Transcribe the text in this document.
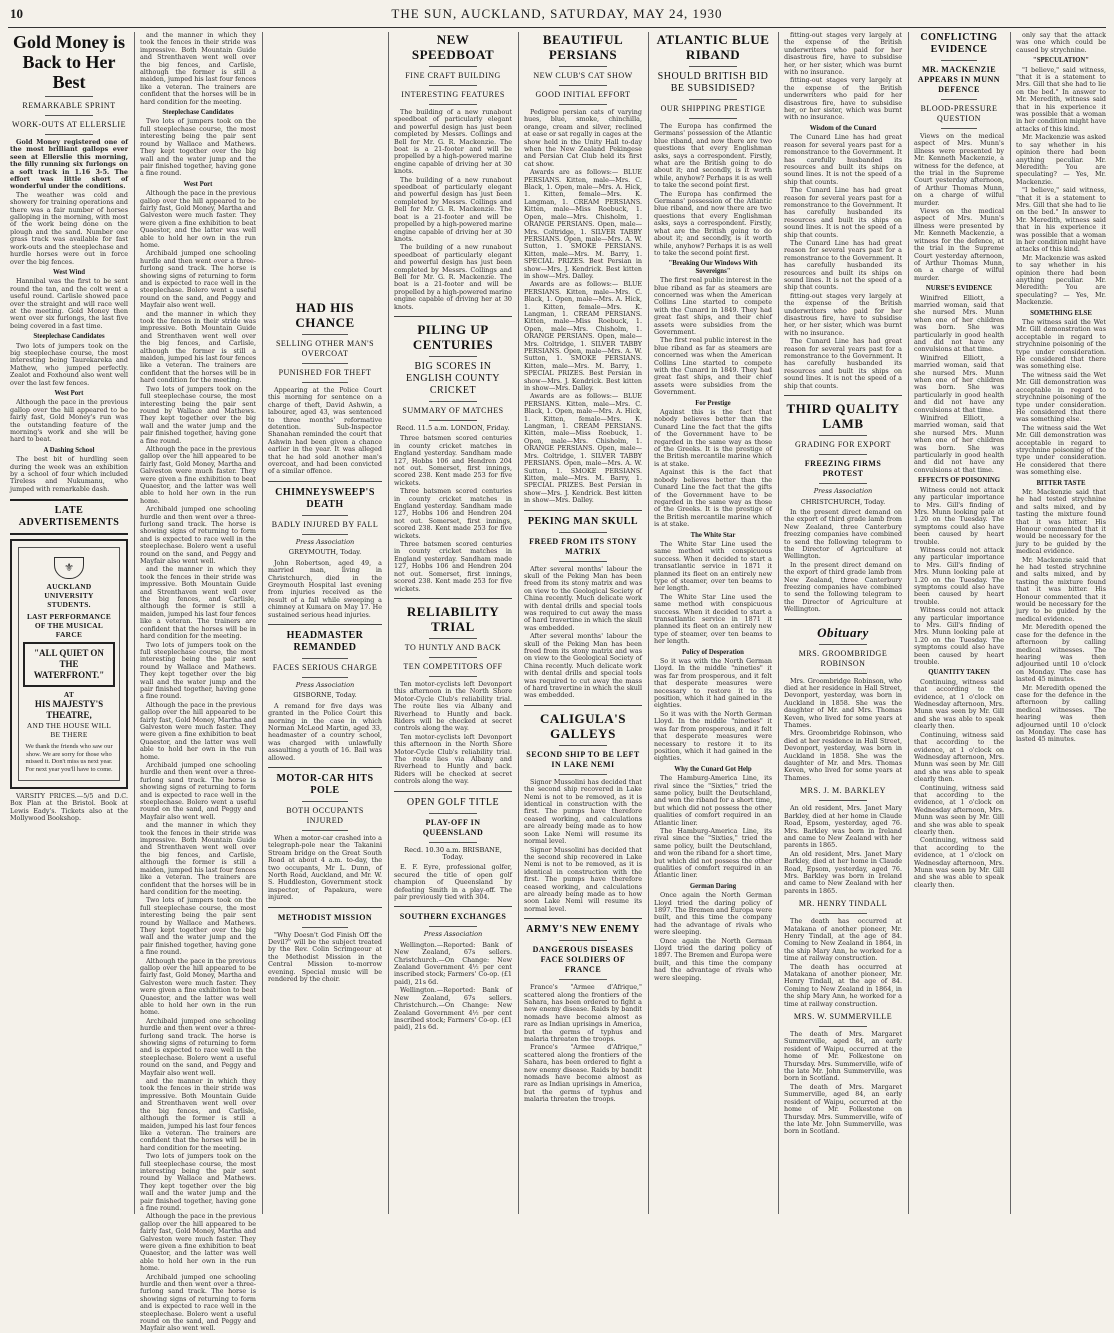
10	THE SUN, AUCKLAND, SATURDAY, MAY 24, 1930
Gold Money is Back to Her Best
REMARKABLE SPRINT
WORK-OUTS AT ELLERSLIE
Gold Money registered one of the most brilliant gallops ever seen at Ellerslie this morning, the filly running six furlongs on a soft track in 1.16 3-5. The effort was little short of wonderful under the conditions.
The weather was cold and showery for training operations and there was a fair number of horses galloping in the morning, with most of the work being done on the plough and the sand. Number one grass track was available for fast work-outs and the steeplechase and hurdle horses were out in force over the big fences.
West Wind
Hannibal was the first to be sent round the tan, and the colt went a useful round. Carlisle showed pace over the straight and will race well at the meeting. Gold Money then went over six furlongs, the last five being covered in a fast time.
Steeplechase Candidates
Two lots of jumpers took on the big steeplechase course, the most interesting being Taurekareka and Mathew, who jumped perfectly. Zealot and Foxhound also went well over the last few fences.
West Port
Although the pace in the previous gallop over the hill appeared to be fairly fast, Gold Money's run was the outstanding feature of the morning's work and she will be hard to beat.
A Dashing School
The best bit of hurdling seen during the week was an exhibition by a school of four which included Tireless and Nukumanu, who jumped with remarkable dash.
LATE ADVERTISEMENTS
⚜
AUCKLAND UNIVERSITY
STUDENTS.
LAST PERFORMANCE
OF THE MUSICAL FARCE
"ALL QUIET ON THE WATERFRONT."
AT
HIS MAJESTY'S THEATRE,
AND THE HOUSE WILL BE THERE
We thank the friends who saw our show. We are sorry for those who missed it. Don't miss us next year. For next year you'll have to come.
VARSITY PRICES.—5/5 and D.C. Box Plan at the Bristol. Book at Lewis Eady's. Tickets also at the Mollywood Bookshop.
and the manner in which they took the fences in their stride was impressive. Both Mountain Guide and Strenthaven went well over the big fences, and Carlisle, although the former is still a maiden, jumped his last four fences like a veteran. The trainers are confident that the horses will be in hard condition for the meeting.
Steeplechase Candidates
Two lots of jumpers took on the full steeplechase course, the most interesting being the pair sent round by Wallace and Mathews. They kept together over the big wall and the water jump and the pair finished together, having gone a fine round.
West Port
Although the pace in the previous gallop over the hill appeared to be fairly fast, Gold Money, Martha and Galveston were much faster. They were given a fine exhibition to beat Quaestor, and the latter was well able to hold her own in the run home.
Archibald jumped one schooling hurdle and then went over a three-furlong sand track. The horse is showing signs of returning to form and is expected to race well in the steeplechase. Bolero went a useful round on the sand, and Peggy and Mayfair also went well.
and the manner in which they took the fences in their stride was impressive. Both Mountain Guide and Strenthaven went well over the big fences, and Carlisle, although the former is still a maiden, jumped his last four fences like a veteran. The trainers are confident that the horses will be in hard condition for the meeting.
Two lots of jumpers took on the full steeplechase course, the most interesting being the pair sent round by Wallace and Mathews. They kept together over the big wall and the water jump and the pair finished together, having gone a fine round.
Although the pace in the previous gallop over the hill appeared to be fairly fast, Gold Money, Martha and Galveston were much faster. They were given a fine exhibition to beat Quaestor, and the latter was well able to hold her own in the run home.
Archibald jumped one schooling hurdle and then went over a three-furlong sand track. The horse is showing signs of returning to form and is expected to race well in the steeplechase. Bolero went a useful round on the sand, and Peggy and Mayfair also went well.
and the manner in which they took the fences in their stride was impressive. Both Mountain Guide and Strenthaven went well over the big fences, and Carlisle, although the former is still a maiden, jumped his last four fences like a veteran. The trainers are confident that the horses will be in hard condition for the meeting.
Two lots of jumpers took on the full steeplechase course, the most interesting being the pair sent round by Wallace and Mathews. They kept together over the big wall and the water jump and the pair finished together, having gone a fine round.
Although the pace in the previous gallop over the hill appeared to be fairly fast, Gold Money, Martha and Galveston were much faster. They were given a fine exhibition to beat Quaestor, and the latter was well able to hold her own in the run home.
Archibald jumped one schooling hurdle and then went over a three-furlong sand track. The horse is showing signs of returning to form and is expected to race well in the steeplechase. Bolero went a useful round on the sand, and Peggy and Mayfair also went well.
and the manner in which they took the fences in their stride was impressive. Both Mountain Guide and Strenthaven went well over the big fences, and Carlisle, although the former is still a maiden, jumped his last four fences like a veteran. The trainers are confident that the horses will be in hard condition for the meeting.
Two lots of jumpers took on the full steeplechase course, the most interesting being the pair sent round by Wallace and Mathews. They kept together over the big wall and the water jump and the pair finished together, having gone a fine round.
Although the pace in the previous gallop over the hill appeared to be fairly fast, Gold Money, Martha and Galveston were much faster. They were given a fine exhibition to beat Quaestor, and the latter was well able to hold her own in the run home.
Archibald jumped one schooling hurdle and then went over a three-furlong sand track. The horse is showing signs of returning to form and is expected to race well in the steeplechase. Bolero went a useful round on the sand, and Peggy and Mayfair also went well.
and the manner in which they took the fences in their stride was impressive. Both Mountain Guide and Strenthaven went well over the big fences, and Carlisle, although the former is still a maiden, jumped his last four fences like a veteran. The trainers are confident that the horses will be in hard condition for the meeting.
Two lots of jumpers took on the full steeplechase course, the most interesting being the pair sent round by Wallace and Mathews. They kept together over the big wall and the water jump and the pair finished together, having gone a fine round.
Although the pace in the previous gallop over the hill appeared to be fairly fast, Gold Money, Martha and Galveston were much faster. They were given a fine exhibition to beat Quaestor, and the latter was well able to hold her own in the run home.
Archibald jumped one schooling hurdle and then went over a three-furlong sand track. The horse is showing signs of returning to form and is expected to race well in the steeplechase. Bolero went a useful round on the sand, and Peggy and Mayfair also went well.
HAD HIS CHANCE
SELLING OTHER MAN'S OVERCOAT
PUNISHED FOR THEFT
Appearing at the Police Court this morning for sentence on a charge of theft, David Ashwin, a labourer, aged 43, was sentenced to three months' reformative detention. Sub-Inspector Shanahan reminded the court that Ashwin had been given a chance earlier in the year. It was alleged that he had sold another man's overcoat, and had been convicted of a similar offence.
CHIMNEYSWEEP'S DEATH
BADLY INJURED BY FALL
Press Association
GREYMOUTH, Today.
John Robertson, aged 49, a married man, living in Christchurch, died in the Greymouth Hospital last evening from injuries received as the result of a fall while sweeping a chimney at Kumara on May 17. He sustained serious head injuries.
HEADMASTER REMANDED
FACES SERIOUS CHARGE
Press Association
GISBORNE, Today.
A remand for five days was granted in the Police Court this morning in the case in which Norman McLeod Martin, aged 33, headmaster of a country school, was charged with unlawfully assaulting a youth of 16. Bail was allowed.
MOTOR-CAR HITS POLE
BOTH OCCUPANTS INJURED
When a motor-car crashed into a telegraph-pole near the Takanini Stream bridge on the Great South Road at about 4 a.m. to-day, the two occupants, Mr L. Dunn, of North Road, Auckland, and Mr. W. S. Huddleston, Government stock inspector, of Papakura, were injured.
METHODIST MISSION
"Why Doesn't God Finish Off the Devil?" will be the subject treated by the Rev. Colin Scrimgeour at the Methodist Mission in the Central Mission to-morrow evening. Special music will be rendered by the choir.
NEW SPEEDBOAT
FINE CRAFT BUILDING
INTERESTING FEATURES
The building of a new runabout speedboat of particularly elegant and powerful design has just been completed by Messrs. Collings and Bell for Mr. G. R. Mackenzie. The boat is a 21-footer and will be propelled by a high-powered marine engine capable of driving her at 30 knots.
The building of a new runabout speedboat of particularly elegant and powerful design has just been completed by Messrs. Collings and Bell for Mr. G. R. Mackenzie. The boat is a 21-footer and will be propelled by a high-powered marine engine capable of driving her at 30 knots.
The building of a new runabout speedboat of particularly elegant and powerful design has just been completed by Messrs. Collings and Bell for Mr. G. R. Mackenzie. The boat is a 21-footer and will be propelled by a high-powered marine engine capable of driving her at 30 knots.
PILING UP CENTURIES
BIG SCORES IN ENGLISH COUNTY CRICKET
SUMMARY OF MATCHES
Recd. 11.5 a.m. LONDON, Friday.
Three batsmen scored centuries in county cricket matches in England yesterday. Sandham made 127, Hobbs 106 and Hendren 204 not out. Somerset, first innings, scored 238. Kent made 253 for five wickets.
Three batsmen scored centuries in county cricket matches in England yesterday. Sandham made 127, Hobbs 106 and Hendren 204 not out. Somerset, first innings, scored 238. Kent made 253 for five wickets.
Three batsmen scored centuries in county cricket matches in England yesterday. Sandham made 127, Hobbs 106 and Hendren 204 not out. Somerset, first innings, scored 238. Kent made 253 for five wickets.
RELIABILITY TRIAL
TO HUNTLY AND BACK
TEN COMPETITORS OFF
Ten motor-cyclists left Devonport this afternoon in the North Shore Motor-Cycle Club's reliability trial. The route lies via Albany and Riverhead to Huntly and back. Riders will be checked at secret controls along the way.
Ten motor-cyclists left Devonport this afternoon in the North Shore Motor-Cycle Club's reliability trial. The route lies via Albany and Riverhead to Huntly and back. Riders will be checked at secret controls along the way.
OPEN GOLF TITLE
PLAY-OFF IN QUEENSLAND
Recd. 10.30 a.m. BRISBANE, Today.
E. F. Eyre, professional golfer, secured the title of open golf champion of Queensland by defeating Smith in a play-off. The pair previously tied with 304.
SOUTHERN EXCHANGES
Press Association
Wellington.—Reported: Bank of New Zealand, 67s sellers. Christchurch.—On Change: New Zealand Government 4½ per cent inscribed stock; Farmers' Co-op. (£1 paid), 21s 6d.
Wellington.—Reported: Bank of New Zealand, 67s sellers. Christchurch.—On Change: New Zealand Government 4½ per cent inscribed stock; Farmers' Co-op. (£1 paid), 21s 6d.
BEAUTIFUL PERSIANS
NEW CLUB'S CAT SHOW
GOOD INITIAL EFFORT
Pedigree persian cats of varying hues, blue, smoke, chinchilla, orange, cream and silver, reclined at ease or sat regally in cages at the show held in the Unity Hall to-day when the New Zealand Pekingese and Persian Cat Club held its first cat show.
Awards are as follows:— BLUE PERSIANS. Kitten, male—Mrs. C. Black, 1. Open, male—Mrs. A. Hick, 1. Kitten, female—Mrs. K. Langman, 1. CREAM PERSIANS. Kitten, male—Miss Roebuck, 1. Open, male—Mrs. Chisholm, 1. ORANGE PERSIANS. Open, male—Mrs. Coltridge, 1. SILVER TABBY PERSIANS. Open, male—Mrs. A. W. Sutton, 1. SMOKE PERSIANS. Kitten, male—Mrs. M. Barry, 1. SPECIAL PRIZES. Best Persian in show—Mrs. J. Kendrick. Best kitten in show—Mrs. Dalley.
Awards are as follows:— BLUE PERSIANS. Kitten, male—Mrs. C. Black, 1. Open, male—Mrs. A. Hick, 1. Kitten, female—Mrs. K. Langman, 1. CREAM PERSIANS. Kitten, male—Miss Roebuck, 1. Open, male—Mrs. Chisholm, 1. ORANGE PERSIANS. Open, male—Mrs. Coltridge, 1. SILVER TABBY PERSIANS. Open, male—Mrs. A. W. Sutton, 1. SMOKE PERSIANS. Kitten, male—Mrs. M. Barry, 1. SPECIAL PRIZES. Best Persian in show—Mrs. J. Kendrick. Best kitten in show—Mrs. Dalley.
Awards are as follows:— BLUE PERSIANS. Kitten, male—Mrs. C. Black, 1. Open, male—Mrs. A. Hick, 1. Kitten, female—Mrs. K. Langman, 1. CREAM PERSIANS. Kitten, male—Miss Roebuck, 1. Open, male—Mrs. Chisholm, 1. ORANGE PERSIANS. Open, male—Mrs. Coltridge, 1. SILVER TABBY PERSIANS. Open, male—Mrs. A. W. Sutton, 1. SMOKE PERSIANS. Kitten, male—Mrs. M. Barry, 1. SPECIAL PRIZES. Best Persian in show—Mrs. J. Kendrick. Best kitten in show—Mrs. Dalley.
PEKING MAN SKULL
FREED FROM ITS STONY MATRIX
After several months' labour the skull of the Peking Man has been freed from its stony matrix and was on view to the Geological Society of China recently. Much delicate work with dental drills and special tools was required to cut away the mass of hard travertine in which the skull was embedded.
After several months' labour the skull of the Peking Man has been freed from its stony matrix and was on view to the Geological Society of China recently. Much delicate work with dental drills and special tools was required to cut away the mass of hard travertine in which the skull was embedded.
CALIGULA'S GALLEYS
SECOND SHIP TO BE LEFT IN LAKE NEMI
Signor Mussolini has decided that the second ship recovered in Lake Nemi is not to be removed, as it is identical in construction with the first. The pumps have therefore ceased working, and calculations are already being made as to how soon Lake Nemi will resume its normal level.
Signor Mussolini has decided that the second ship recovered in Lake Nemi is not to be removed, as it is identical in construction with the first. The pumps have therefore ceased working, and calculations are already being made as to how soon Lake Nemi will resume its normal level.
ARMY'S NEW ENEMY
DANGEROUS DISEASES FACE SOLDIERS OF FRANCE
France's "Armee d'Afrique," scattered along the frontiers of the Sahara, has been ordered to fight a new enemy disease. Raids by bandit nomads have become almost as rare as Indian uprisings in America, but the germs of typhus and malaria threaten the troops.
France's "Armee d'Afrique," scattered along the frontiers of the Sahara, has been ordered to fight a new enemy disease. Raids by bandit nomads have become almost as rare as Indian uprisings in America, but the germs of typhus and malaria threaten the troops.
ATLANTIC BLUE RIBAND
SHOULD BRITISH BID BE SUBSIDISED?
OUR SHIPPING PRESTIGE
The Europa has confirmed the Germans' possession of the Atlantic blue riband, and now there are two questions that every Englishman asks, says a correspondent. Firstly, what are the British going to do about it; and secondly, is it worth while, anyhow? Perhaps it is as well to take the second point first.
The Europa has confirmed the Germans' possession of the Atlantic blue riband, and now there are two questions that every Englishman asks, says a correspondent. Firstly, what are the British going to do about it; and secondly, is it worth while, anyhow? Perhaps it is as well to take the second point first.
"Breaking Our Windows With Sovereigns"
The first real public interest in the blue riband as far as steamers are concerned was when the American Collins Line started to compete with the Cunard in 1849. They had great fast ships, and their chief assets were subsidies from the Government.
The first real public interest in the blue riband as far as steamers are concerned was when the American Collins Line started to compete with the Cunard in 1849. They had great fast ships, and their chief assets were subsidies from the Government.
For Prestige
Against this is the fact that nobody believes better than the Cunard Line the fact that the gifts of the Government have to be regarded in the same way as those of the Greeks. It is the prestige of the British mercantile marine which is at stake.
Against this is the fact that nobody believes better than the Cunard Line the fact that the gifts of the Government have to be regarded in the same way as those of the Greeks. It is the prestige of the British mercantile marine which is at stake.
The White Star
The White Star Line used the same method with conspicuous success. When it decided to start a transatlantic service in 1871 it planned its fleet on an entirely new type of steamer, over ten beams to her length.
The White Star Line used the same method with conspicuous success. When it decided to start a transatlantic service in 1871 it planned its fleet on an entirely new type of steamer, over ten beams to her length.
Policy of Desperation
So it was with the North German Lloyd. In the middle "nineties" it was far from prosperous, and it felt that desperate measures were necessary to restore it to its position, which it had gained in the eighties.
So it was with the North German Lloyd. In the middle "nineties" it was far from prosperous, and it felt that desperate measures were necessary to restore it to its position, which it had gained in the eighties.
Why the Cunard Got Help
The Hamburg-America Line, its rival since the "Sixties," tried the same policy, built the Deutschland, and won the riband for a short time, but which did not possess the other qualities of comfort required in an Atlantic liner.
The Hamburg-America Line, its rival since the "Sixties," tried the same policy, built the Deutschland, and won the riband for a short time, but which did not possess the other qualities of comfort required in an Atlantic liner.
German Daring
Once again the North German Lloyd tried the daring policy of 1897. The Bremen and Europa were built, and this time the company had the advantage of rivals who were sleeping.
Once again the North German Lloyd tried the daring policy of 1897. The Bremen and Europa were built, and this time the company had the advantage of rivals who were sleeping.
fitting-out stages very largely at the expense of the British underwriters who paid for her disastrous fire, have to subsidise her, or her sister, which was burnt with no insurance.
fitting-out stages very largely at the expense of the British underwriters who paid for her disastrous fire, have to subsidise her, or her sister, which was burnt with no insurance.
Wisdom of the Cunard
The Cunard Line has had great reason for several years past for a remonstrance to the Government. It has carefully husbanded its resources and built its ships on sound lines. It is not the speed of a ship that counts.
The Cunard Line has had great reason for several years past for a remonstrance to the Government. It has carefully husbanded its resources and built its ships on sound lines. It is not the speed of a ship that counts.
The Cunard Line has had great reason for several years past for a remonstrance to the Government. It has carefully husbanded its resources and built its ships on sound lines. It is not the speed of a ship that counts.
fitting-out stages very largely at the expense of the British underwriters who paid for her disastrous fire, have to subsidise her, or her sister, which was burnt with no insurance.
The Cunard Line has had great reason for several years past for a remonstrance to the Government. It has carefully husbanded its resources and built its ships on sound lines. It is not the speed of a ship that counts.
THIRD QUALITY LAMB
GRADING FOR EXPORT
FREEZING FIRMS PROTEST
Press Association
CHRISTCHURCH, Today.
In the present direct demand on the export of third grade lamb from New Zealand, three Canterbury freezing companies have combined to send the following telegram to the Director of Agriculture at Wellington.
In the present direct demand on the export of third grade lamb from New Zealand, three Canterbury freezing companies have combined to send the following telegram to the Director of Agriculture at Wellington.
Obituary
MRS. GROOMBRIDGE ROBINSON
Mrs. Groombridge Robinson, who died at her residence in Hall Street, Devonport, yesterday, was born in Auckland in 1858. She was the daughter of Mr. and Mrs. Thomas Keven, who lived for some years at Thames.
Mrs. Groombridge Robinson, who died at her residence in Hall Street, Devonport, yesterday, was born in Auckland in 1858. She was the daughter of Mr. and Mrs. Thomas Keven, who lived for some years at Thames.
MRS. J. M. BARKLEY
An old resident, Mrs. Janet Mary Barkley, died at her home in Claude Road, Epsom, yesterday, aged 76. Mrs. Barkley was born in Ireland and came to New Zealand with her parents in 1865.
An old resident, Mrs. Janet Mary Barkley, died at her home in Claude Road, Epsom, yesterday, aged 76. Mrs. Barkley was born in Ireland and came to New Zealand with her parents in 1865.
MR. HENRY TINDALL
The death has occurred at Matakana of another pioneer, Mr. Henry Tindall, at the age of 84. Coming to New Zealand in 1864, in the ship Mary Ann, he worked for a time at railway construction.
The death has occurred at Matakana of another pioneer, Mr. Henry Tindall, at the age of 84. Coming to New Zealand in 1864, in the ship Mary Ann, he worked for a time at railway construction.
MRS. W. SUMMERVILLE
The death of Mrs. Margaret Summerville, aged 84, an early resident of Waipu, occurred at the home of Mr. Folkestone on Thursday. Mrs. Summerville, wife of the late Mr. John Summerville, was born in Scotland.
The death of Mrs. Margaret Summerville, aged 84, an early resident of Waipu, occurred at the home of Mr. Folkestone on Thursday. Mrs. Summerville, wife of the late Mr. John Summerville, was born in Scotland.
CONFLICTING EVIDENCE
MR. MACKENZIE APPEARS IN MUNN DEFENCE
BLOOD-PRESSURE QUESTION
Views on the medical aspect of Mrs. Munn's illness were presented by Mr. Kenneth Mackenzie, a witness for the defence, at the trial in the Supreme Court yesterday afternoon, of Arthur Thomas Munn, on a charge of wilful murder.
Views on the medical aspect of Mrs. Munn's illness were presented by Mr. Kenneth Mackenzie, a witness for the defence, at the trial in the Supreme Court yesterday afternoon, of Arthur Thomas Munn, on a charge of wilful murder.
NURSE'S EVIDENCE
Winifred Elliott, a married woman, said that she nursed Mrs. Munn when one of her children was born. She was particularly in good health and did not have any convulsions at that time.
Winifred Elliott, a married woman, said that she nursed Mrs. Munn when one of her children was born. She was particularly in good health and did not have any convulsions at that time.
Winifred Elliott, a married woman, said that she nursed Mrs. Munn when one of her children was born. She was particularly in good health and did not have any convulsions at that time.
EFFECTS OF POISONING
Witness could not attack any particular importance to Mrs. Gill's finding of Mrs. Munn looking pale at 1.20 on the Tuesday. The symptoms could also have been caused by heart trouble.
Witness could not attack any particular importance to Mrs. Gill's finding of Mrs. Munn looking pale at 1.20 on the Tuesday. The symptoms could also have been caused by heart trouble.
Witness could not attack any particular importance to Mrs. Gill's finding of Mrs. Munn looking pale at 1.20 on the Tuesday. The symptoms could also have been caused by heart trouble.
QUANTITY TAKEN
Continuing, witness said that according to the evidence, at 1 o'clock on Wednesday afternoon, Mrs. Munn was seen by Mr. Gill and she was able to speak clearly then.
Continuing, witness said that according to the evidence, at 1 o'clock on Wednesday afternoon, Mrs. Munn was seen by Mr. Gill and she was able to speak clearly then.
Continuing, witness said that according to the evidence, at 1 o'clock on Wednesday afternoon, Mrs. Munn was seen by Mr. Gill and she was able to speak clearly then.
Continuing, witness said that according to the evidence, at 1 o'clock on Wednesday afternoon, Mrs. Munn was seen by Mr. Gill and she was able to speak clearly then.
only say that the attack was one which could be caused by strychnine.
"SPECULATION"
"I believe," said witness, "that it is a statement to Mrs. Gill that she had to lie on the bed." In answer to Mr. Meredith, witness said that in his experience it was possible that a woman in her condition might have attacks of this kind.
Mr. Mackenzie was asked to say whether in his opinion there had been anything peculiar. Mr. Meredith: You are speculating? — Yes, Mr. Mackenzie.
"I believe," said witness, "that it is a statement to Mrs. Gill that she had to lie on the bed." In answer to Mr. Meredith, witness said that in his experience it was possible that a woman in her condition might have attacks of this kind.
Mr. Mackenzie was asked to say whether in his opinion there had been anything peculiar. Mr. Meredith: You are speculating? — Yes, Mr. Mackenzie.
SOMETHING ELSE
The witness said the Wet Mr. Gill demonstration was acceptable in regard to strychnine poisoning of the type under consideration. He considered that there was something else.
The witness said the Wet Mr. Gill demonstration was acceptable in regard to strychnine poisoning of the type under consideration. He considered that there was something else.
The witness said the Wet Mr. Gill demonstration was acceptable in regard to strychnine poisoning of the type under consideration. He considered that there was something else.
BITTER TASTE
Mr. Mackenzie said that he had tested strychnine and salts mixed, and by tasting the mixture found that it was bitter. His Honour commented that it would be necessary for the jury to be guided by the medical evidence.
Mr. Mackenzie said that he had tested strychnine and salts mixed, and by tasting the mixture found that it was bitter. His Honour commented that it would be necessary for the jury to be guided by the medical evidence.
Mr. Meredith opened the case for the defence in the afternoon by calling medical witnesses. The hearing was then adjourned until 10 o'clock on Monday. The case has lasted 45 minutes.
Mr. Meredith opened the case for the defence in the afternoon by calling medical witnesses. The hearing was then adjourned until 10 o'clock on Monday. The case has lasted 45 minutes.
